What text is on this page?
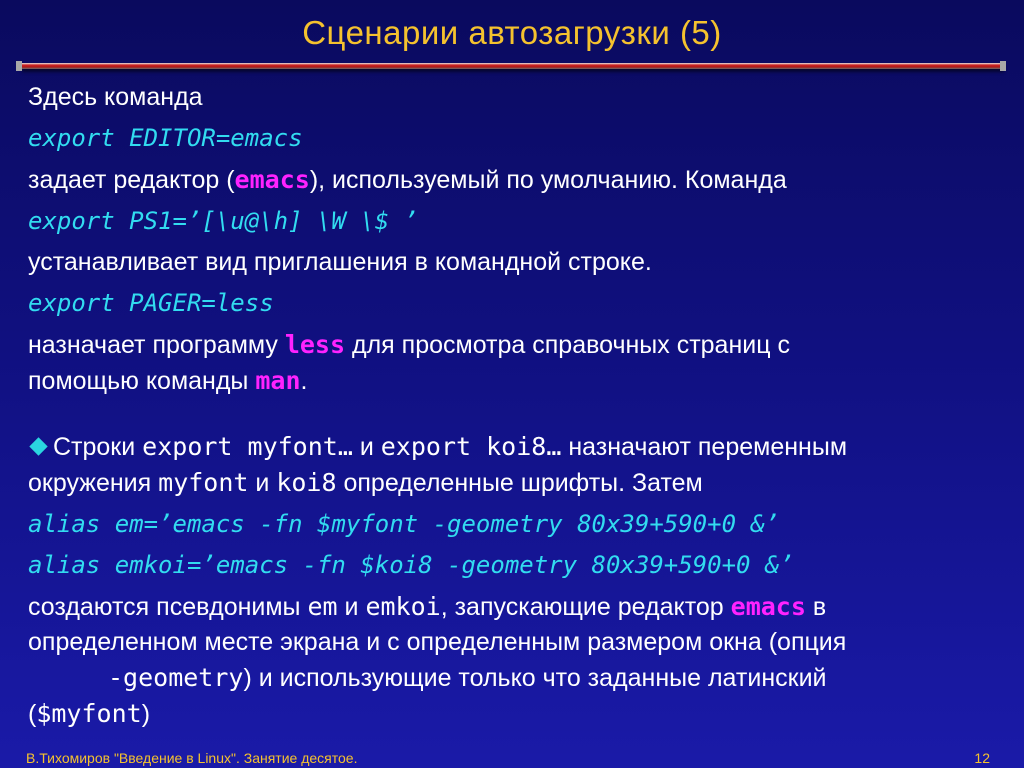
Сценарии автозагрузки (5)
Здесь команда
export EDITOR=emacs
задает редактор (emacs), используемый по умолчанию. Команда
export PS1=’[\u@\h] \W \$ ’
устанавливает вид приглашения в командной строке.
export PAGER=less
назначает программу less для просмотра справочных страниц с
помощью команды man.
Строки export myfont… и export koi8… назначают переменным
окружения myfont и koi8 определенные шрифты. Затем
alias em=’emacs -fn $myfont -geometry 80x39+590+0 &’
alias emkoi=’emacs -fn $koi8 -geometry 80x39+590+0 &’
создаются псевдонимы em и emkoi, запускающие редактор emacs в
определенном месте экрана и с определенным размером окна (опция
-geometry) и использующие только что заданные латинский
($myfont)
В.Тихомиров "Введение в Linux". Занятие десятое.	12
